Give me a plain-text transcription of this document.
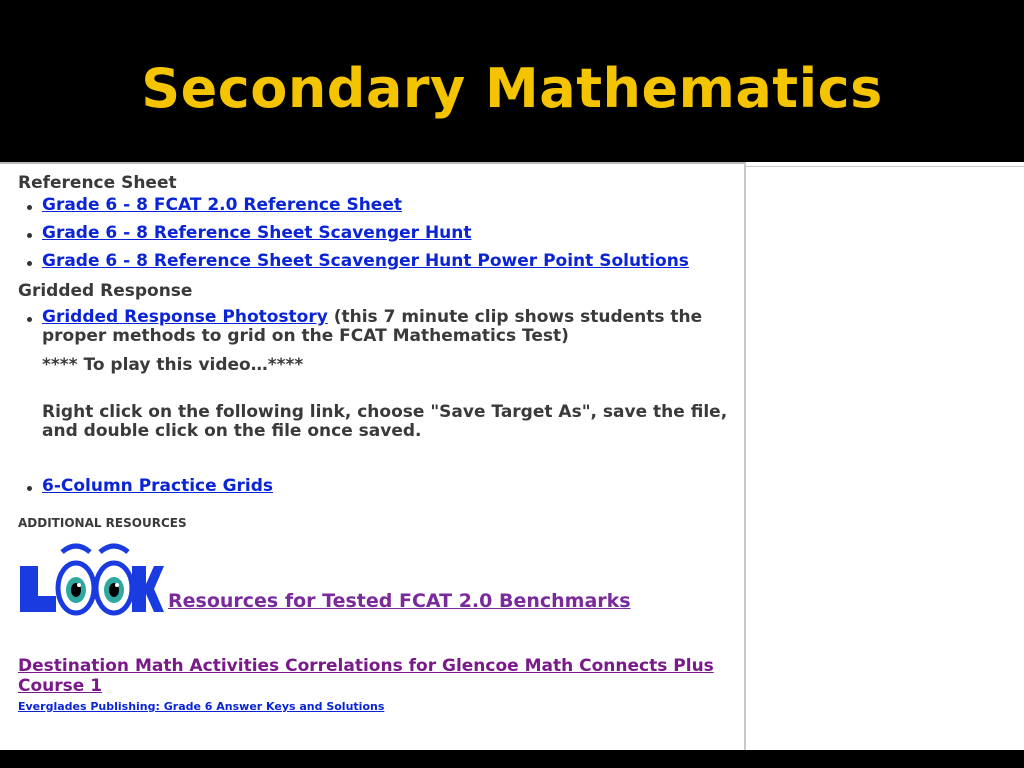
Secondary Mathematics

Reference Sheet

Grade 6 - 8 FCAT 2.0 Reference Sheet
Grade 6 - 8 Reference Sheet Scavenger Hunt
Grade 6 - 8 Reference Sheet Scavenger Hunt Power Point Solutions

Gridded Response

Gridded Response Photostory (this 7 minute clip shows students the proper methods to grid on the FCAT Mathematics Test)

**** To play this video…****

Right click on the following link, choose "Save Target As", save the file, and double click on the file once saved.

6-Column Practice Grids

ADDITIONAL RESOURCES

Resources for Tested FCAT 2.0 Benchmarks
Destination Math Activities Correlations for Glencoe Math Connects Plus Course 1
Everglades Publishing: Grade 6 Answer Keys and Solutions
